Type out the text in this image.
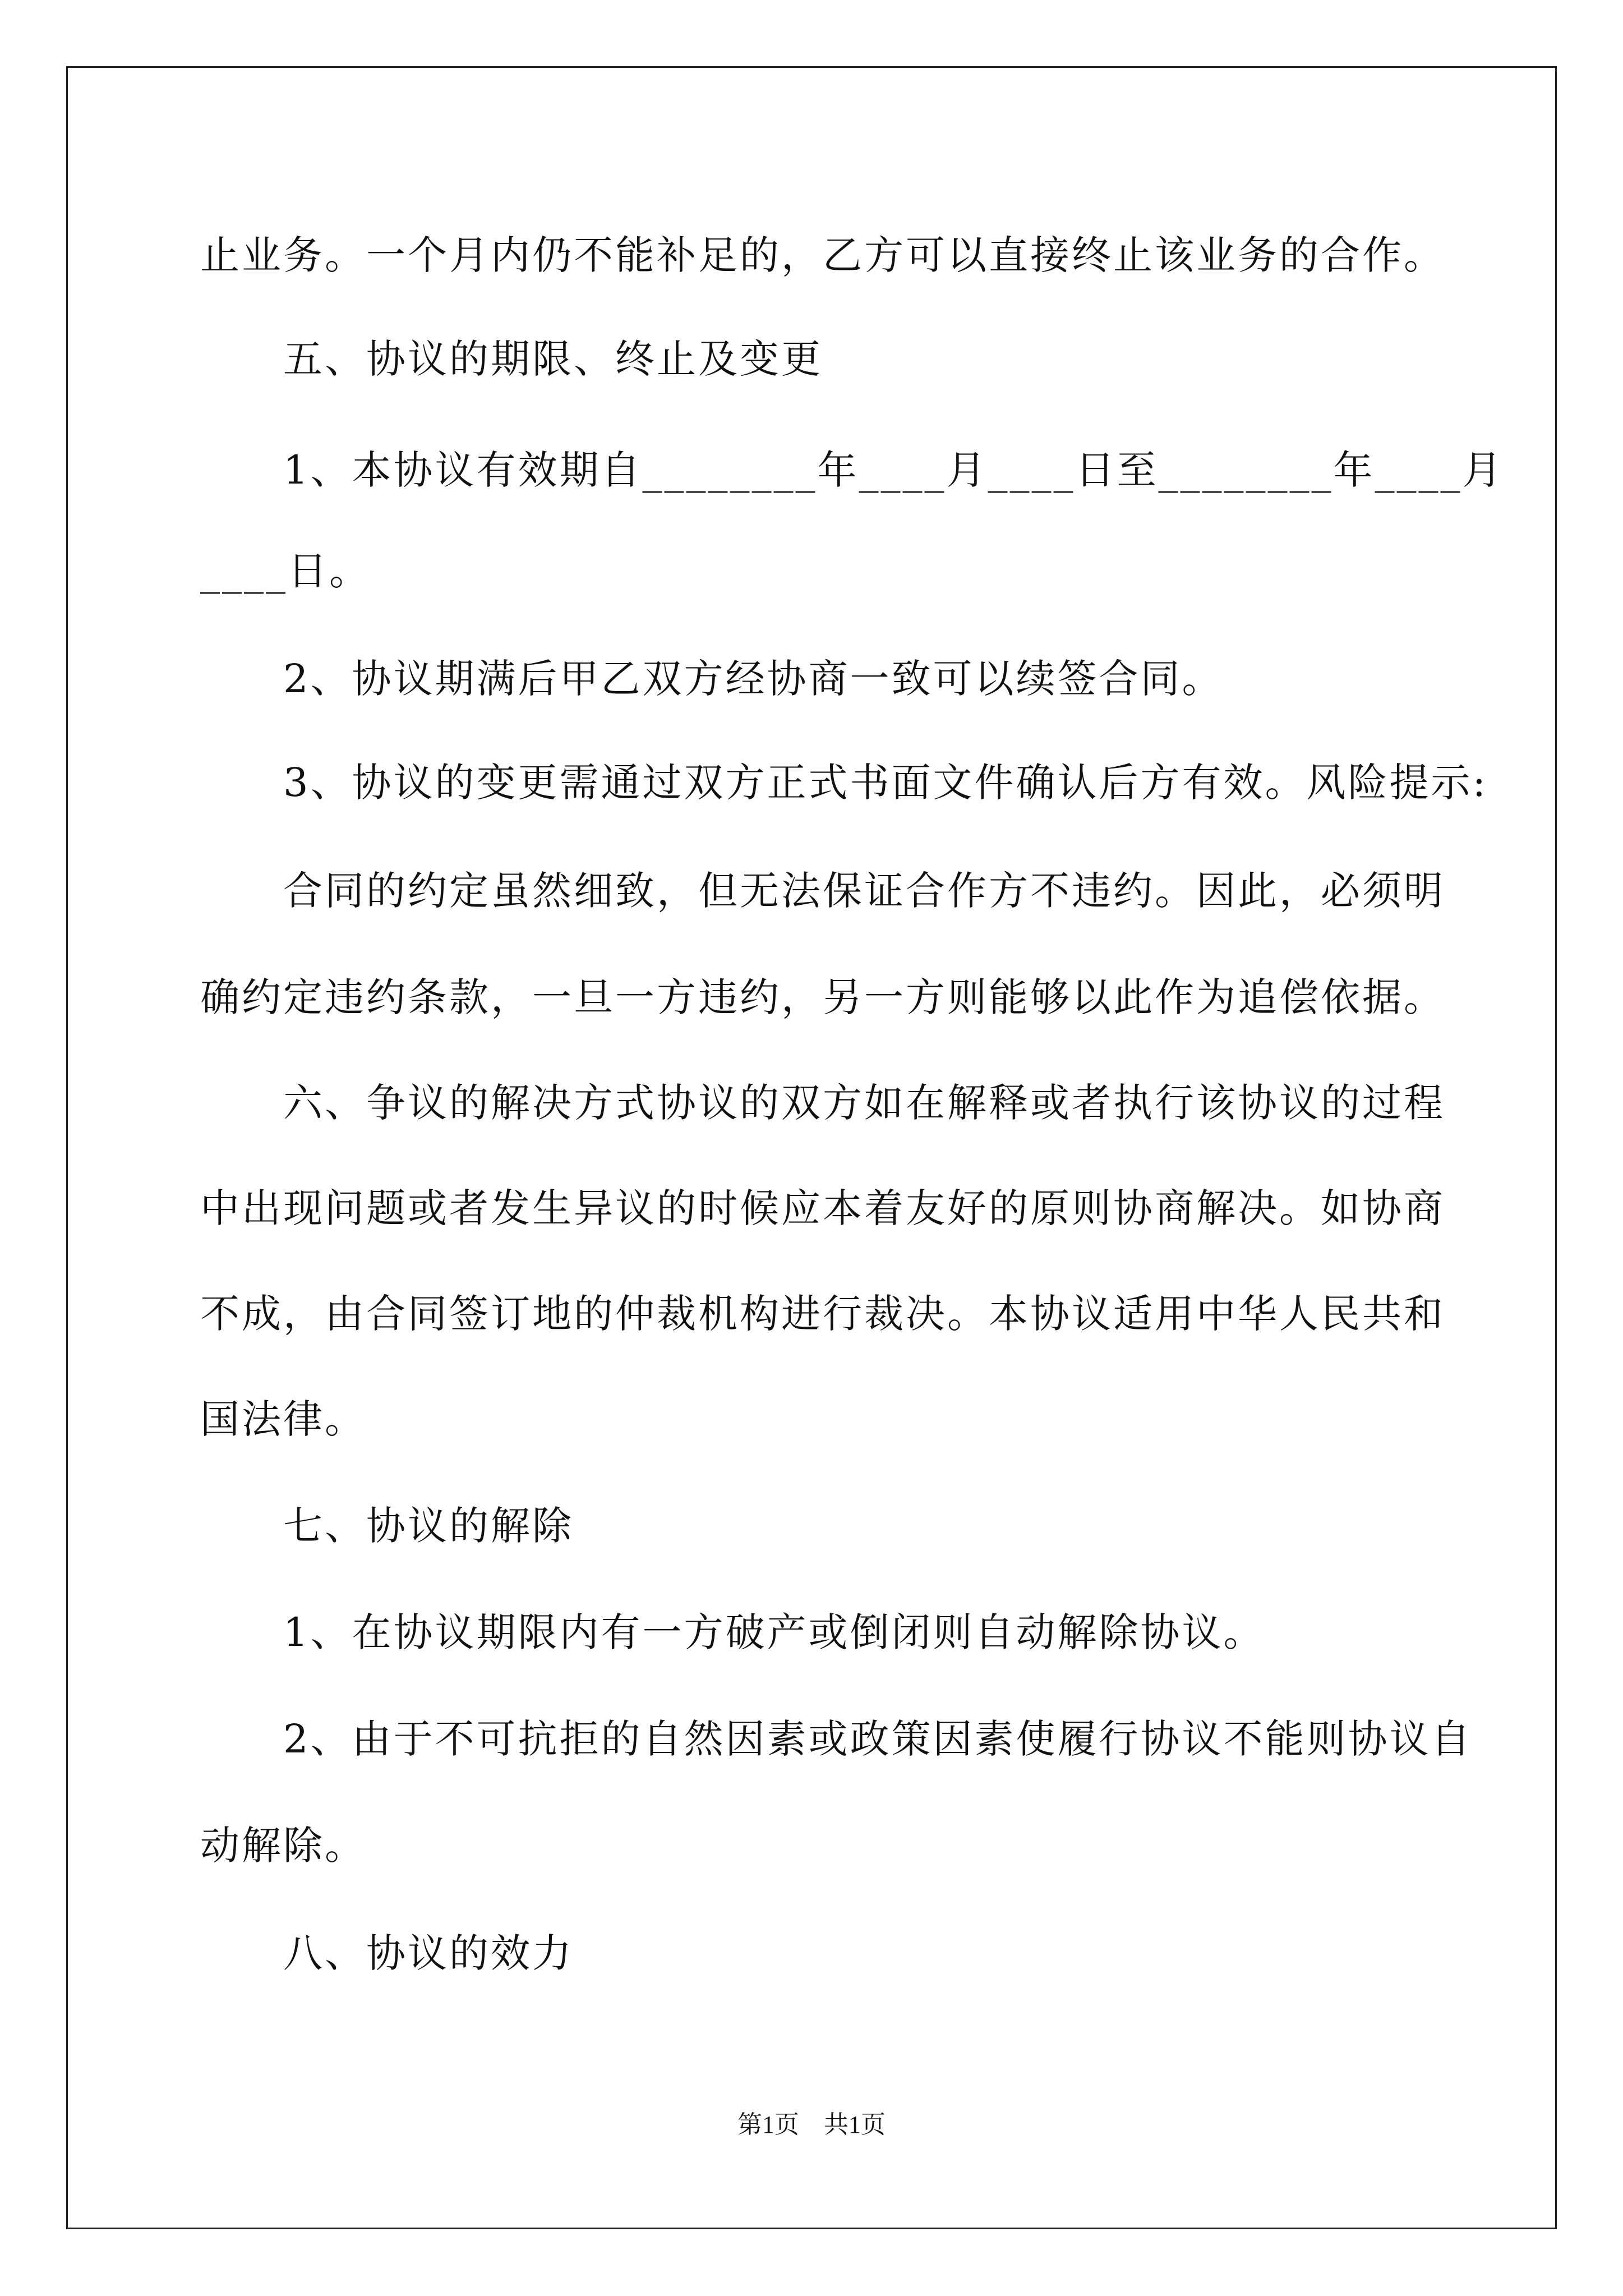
止业务。一个月内仍不能补足的，乙方可以直接终止该业务的合作。
五、协议的期限、终止及变更
1、本协议有效期自________年____月____日至________年____月
____日。
2、协议期满后甲乙双方经协商一致可以续签合同。
3、协议的变更需通过双方正式书面文件确认后方有效。风险提示:
合同的约定虽然细致，但无法保证合作方不违约。因此，必须明
确约定违约条款，一旦一方违约，另一方则能够以此作为追偿依据。
六、争议的解决方式协议的双方如在解释或者执行该协议的过程
中出现问题或者发生异议的时候应本着友好的原则协商解决。如协商
不成，由合同签订地的仲裁机构进行裁决。本协议适用中华人民共和
国法律。
七、协议的解除
1、在协议期限内有一方破产或倒闭则自动解除协议。
2、由于不可抗拒的自然因素或政策因素使履行协议不能则协议自
动解除。
八、协议的效力
第1页　共1页
